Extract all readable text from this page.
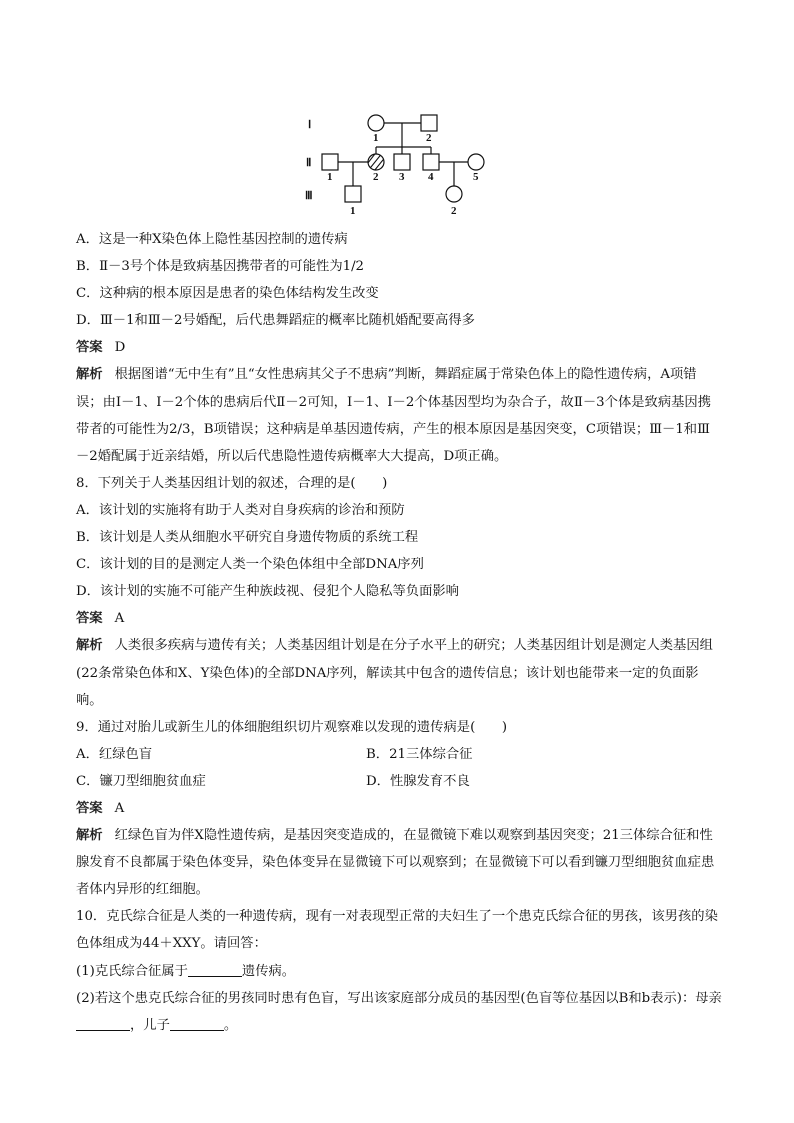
Ⅰ
Ⅱ
Ⅲ
1	2
1	2 3 4	5
1	2
A．这是一种X染色体上隐性基因控制的遗传病
B．Ⅱ－3号个体是致病基因携带者的可能性为1/2
C．这种病的根本原因是患者的染色体结构发生改变
D．Ⅲ－1和Ⅲ－2号婚配，后代患舞蹈症的概率比随机婚配要高得多
答案 D
解析 根据图谱“无中生有”且“女性患病其父子不患病”判断，舞蹈症属于常染色体上的隐性遗传病，A项错误；由Ⅰ－1、Ⅰ－2个体的患病后代Ⅱ－2可知，Ⅰ－1、Ⅰ－2个体基因型均为杂合子，故Ⅱ－3个体是致病基因携带者的可能性为2/3，B项错误；这种病是单基因遗传病，产生的根本原因是基因突变，C项错误；Ⅲ－1和Ⅲ－2婚配属于近亲结婚，所以后代患隐性遗传病概率大大提高，D项正确。
8．下列关于人类基因组计划的叙述，合理的是(　　)
A．该计划的实施将有助于人类对自身疾病的诊治和预防
B．该计划是人类从细胞水平研究自身遗传物质的系统工程
C．该计划的目的是测定人类一个染色体组中全部DNA序列
D．该计划的实施不可能产生种族歧视、侵犯个人隐私等负面影响
答案 A
解析 人类很多疾病与遗传有关；人类基因组计划是在分子水平上的研究；人类基因组计划是测定人类基因组(22条常染色体和X、Y染色体)的全部DNA序列，解读其中包含的遗传信息；该计划也能带来一定的负面影响。
9．通过对胎儿或新生儿的体细胞组织切片观察难以发现的遗传病是(　　)
A．红绿色盲	B．21三体综合征
C．镰刀型细胞贫血症	D．性腺发育不良
答案 A
解析 红绿色盲为伴X隐性遗传病，是基因突变造成的，在显微镜下难以观察到基因突变；21三体综合征和性腺发育不良都属于染色体变异，染色体变异在显微镜下可以观察到；在显微镜下可以看到镰刀型细胞贫血症患者体内异形的红细胞。
10．克氏综合征是人类的一种遗传病，现有一对表现型正常的夫妇生了一个患克氏综合征的男孩，该男孩的染色体组成为44＋XXY。请回答：
(1)克氏综合征属于	遗传病。
(2)若这个患克氏综合征的男孩同时患有色盲，写出该家庭部分成员的基因型(色盲等位基因以B和b表示)：母亲，儿子	。
